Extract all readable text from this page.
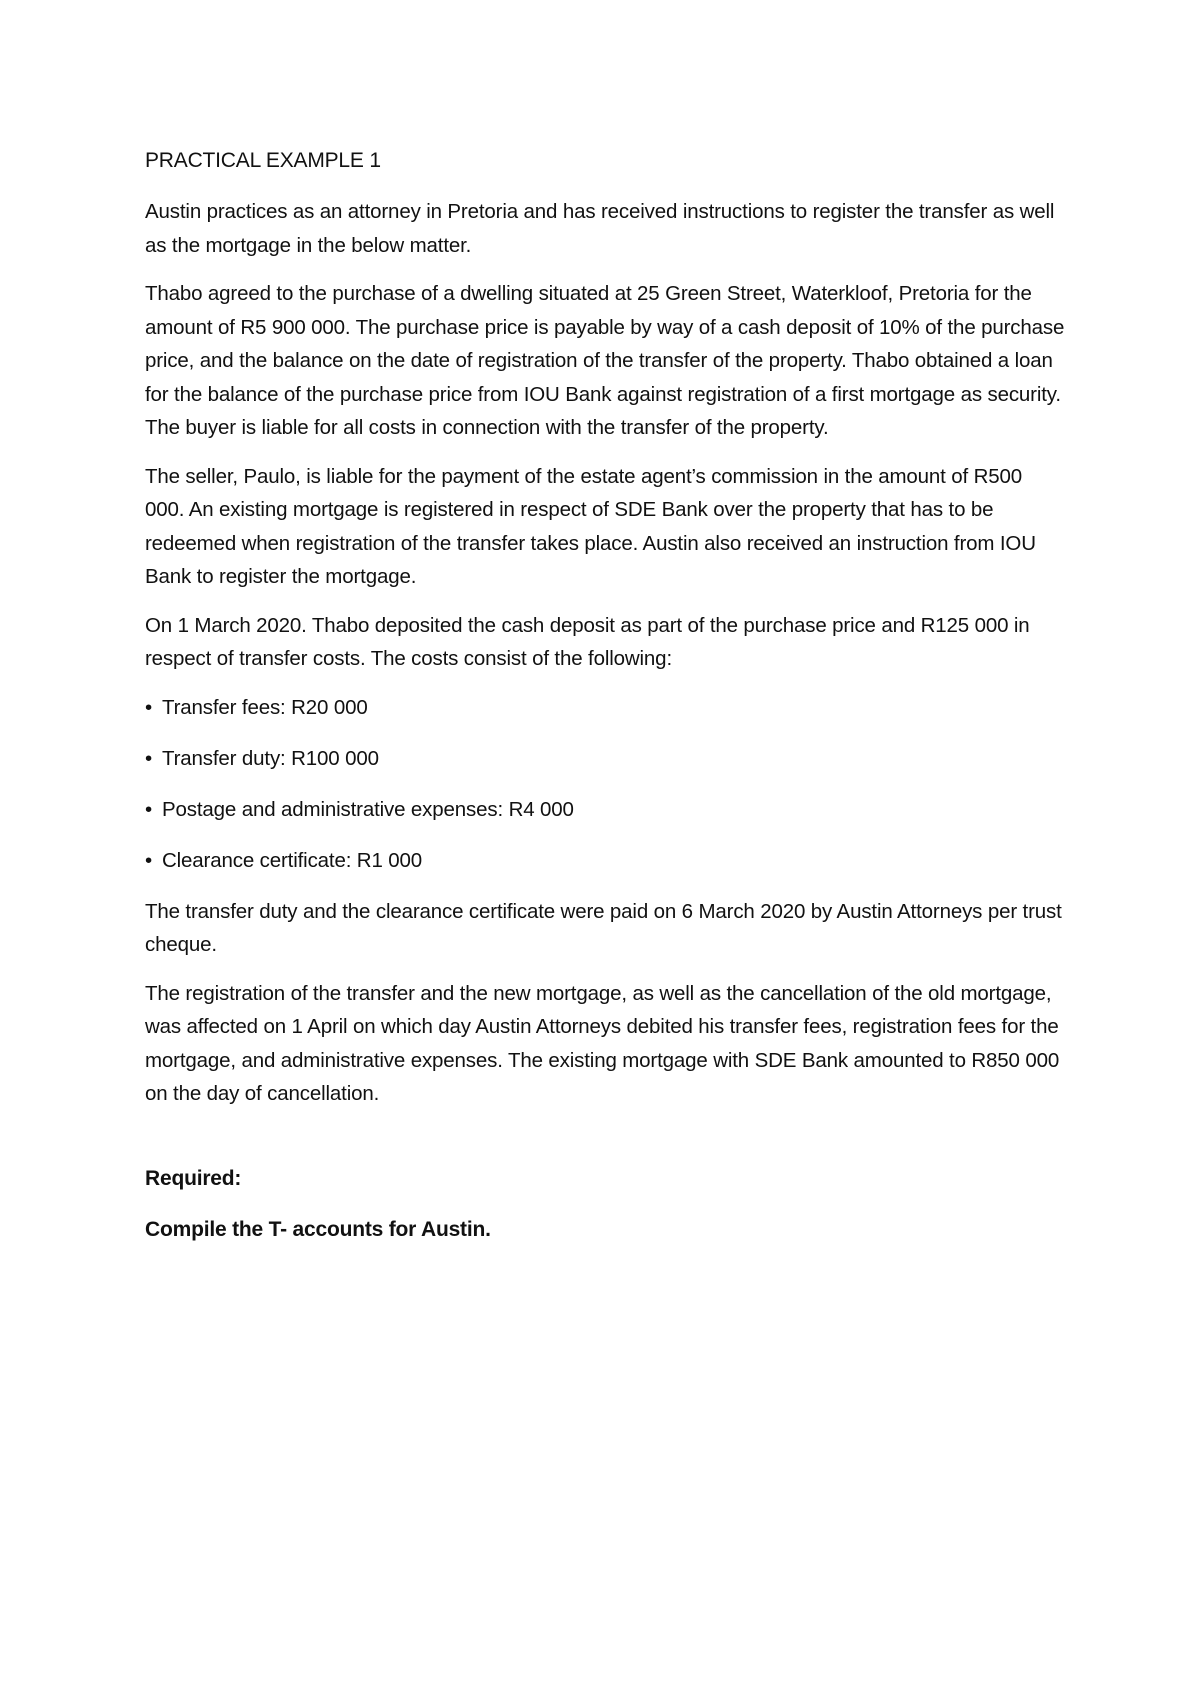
PRACTICAL EXAMPLE 1

Austin practices as an attorney in Pretoria and has received instructions to register the transfer as well as the mortgage in the below matter.

Thabo agreed to the purchase of a dwelling situated at 25 Green Street, Waterkloof, Pretoria for the amount of R5 900 000. The purchase price is payable by way of a cash deposit of 10% of the purchase price, and the balance on the date of registration of the transfer of the property. Thabo obtained a loan for the balance of the purchase price from IOU Bank against registration of a first mortgage as security. The buyer is liable for all costs in connection with the transfer of the property.

The seller, Paulo, is liable for the payment of the estate agent’s commission in the amount of R500 000. An existing mortgage is registered in respect of SDE Bank over the property that has to be redeemed when registration of the transfer takes place. Austin also received an instruction from IOU Bank to register the mortgage.

On 1 March 2020. Thabo deposited the cash deposit as part of the purchase price and R125 000 in respect of transfer costs. The costs consist of the following:

• Transfer fees: R20 000
• Transfer duty: R100 000
• Postage and administrative expenses: R4 000
• Clearance certificate: R1 000

The transfer duty and the clearance certificate were paid on 6 March 2020 by Austin Attorneys per trust cheque.

The registration of the transfer and the new mortgage, as well as the cancellation of the old mortgage, was affected on 1 April on which day Austin Attorneys debited his transfer fees, registration fees for the mortgage, and administrative expenses. The existing mortgage with SDE Bank amounted to R850 000 on the day of cancellation.

Required:

Compile the T- accounts for Austin.
